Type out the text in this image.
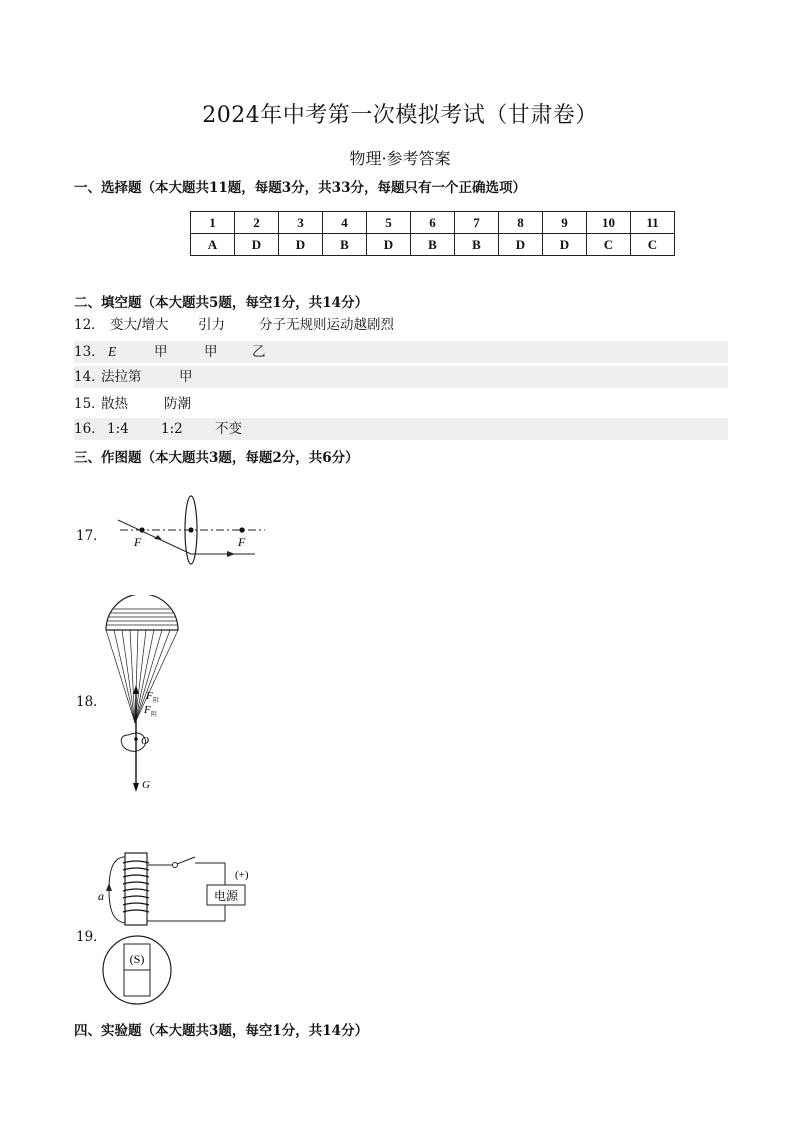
2024年中考第一次模拟考试（甘肃卷）
物理·参考答案
一、选择题（本大题共11题，每题3分，共33分，每题只有一个正确选项）
1	2	3	4	5	6	7	8	9	10	11
A	D	D	B	D	B	B	D	D	C	C
二、填空题（本大题共5题，每空1分，共14分）
12． 变大/增大 引力	分子无规则运动越剧烈
13． E	甲	甲	乙
14．
法拉第	甲
15．
散热	防潮
16． 1:4 1:2 不变
三、作图题（本大题共3题，每题2分，共6分）
17． F	F
18．	F 阻
F 阻
O
G
19．
a	电源
(+)
(S)
四、实验题（本大题共3题，每空1分，共14分）
